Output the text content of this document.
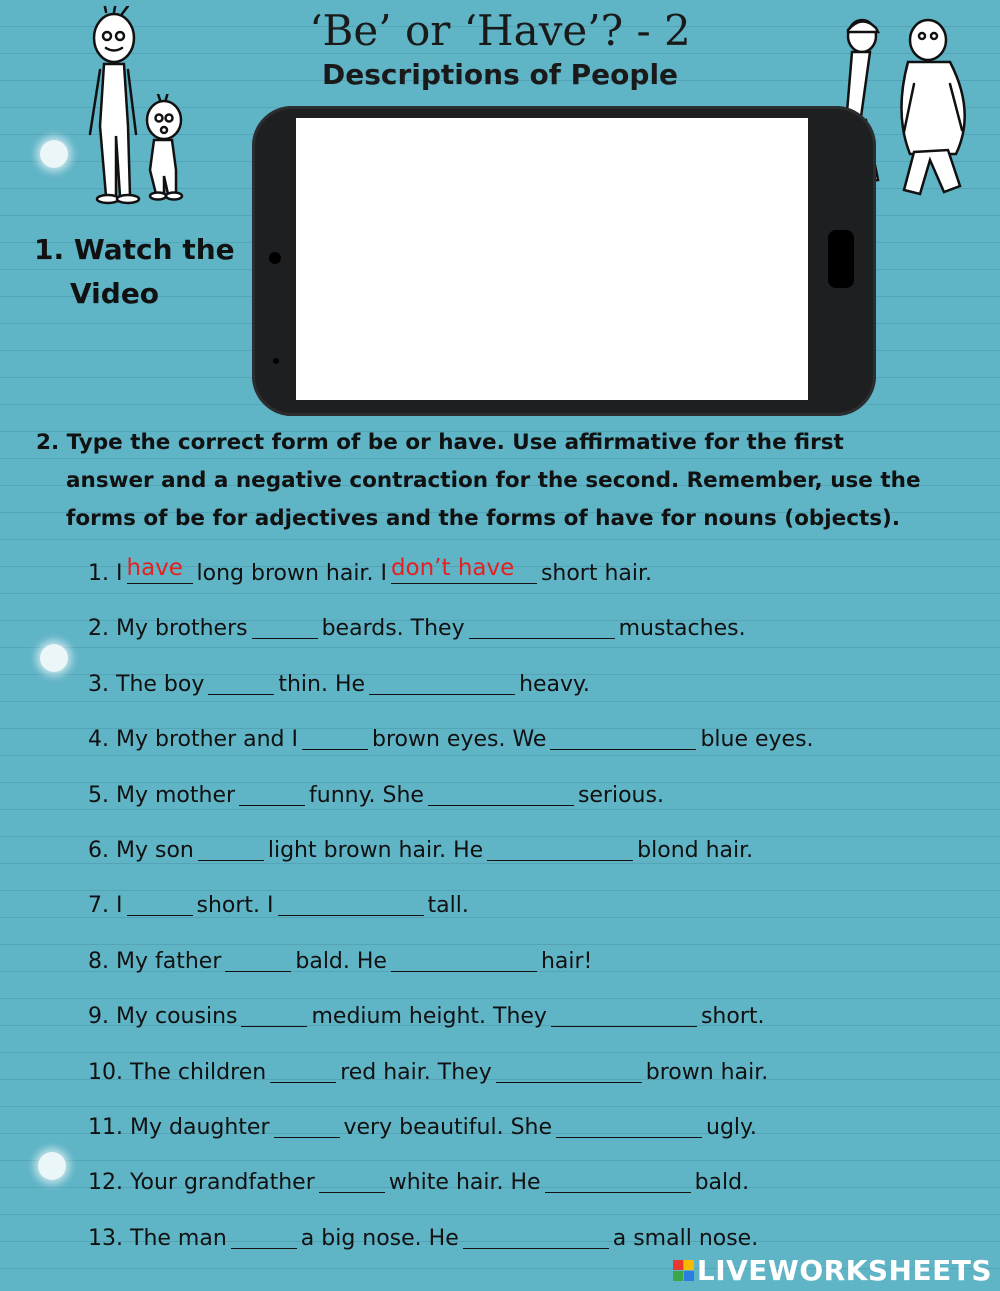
‘Be’ or ‘Have’? - 2
Descriptions of People
1. Watch the
Video
2. Type the correct form of be or have. Use affirmative for the first
answer and a negative contraction for the second. Remember, use the
forms of be for adjectives and the forms of have for nouns (objects).
1. I have long brown hair. I don’t have	short hair.
2. My brothers	beards. They	mustaches.
3. The boy	thin. He	heavy.
4. My brother and I	brown eyes. We	blue eyes.
5. My mother	funny. She	serious.
6. My son	light brown hair. He	blond hair.
7. I	short. I	tall.
8. My father	bald. He	hair!
9. My cousins	medium height. They	short.
10. The children	red hair. They	brown hair.
11. My daughter	very beautiful. She	ugly.
12. Your grandfather	white hair. He	bald.
13. The man	a big nose. He	a small nose.
LIVEWORKSHEETS
